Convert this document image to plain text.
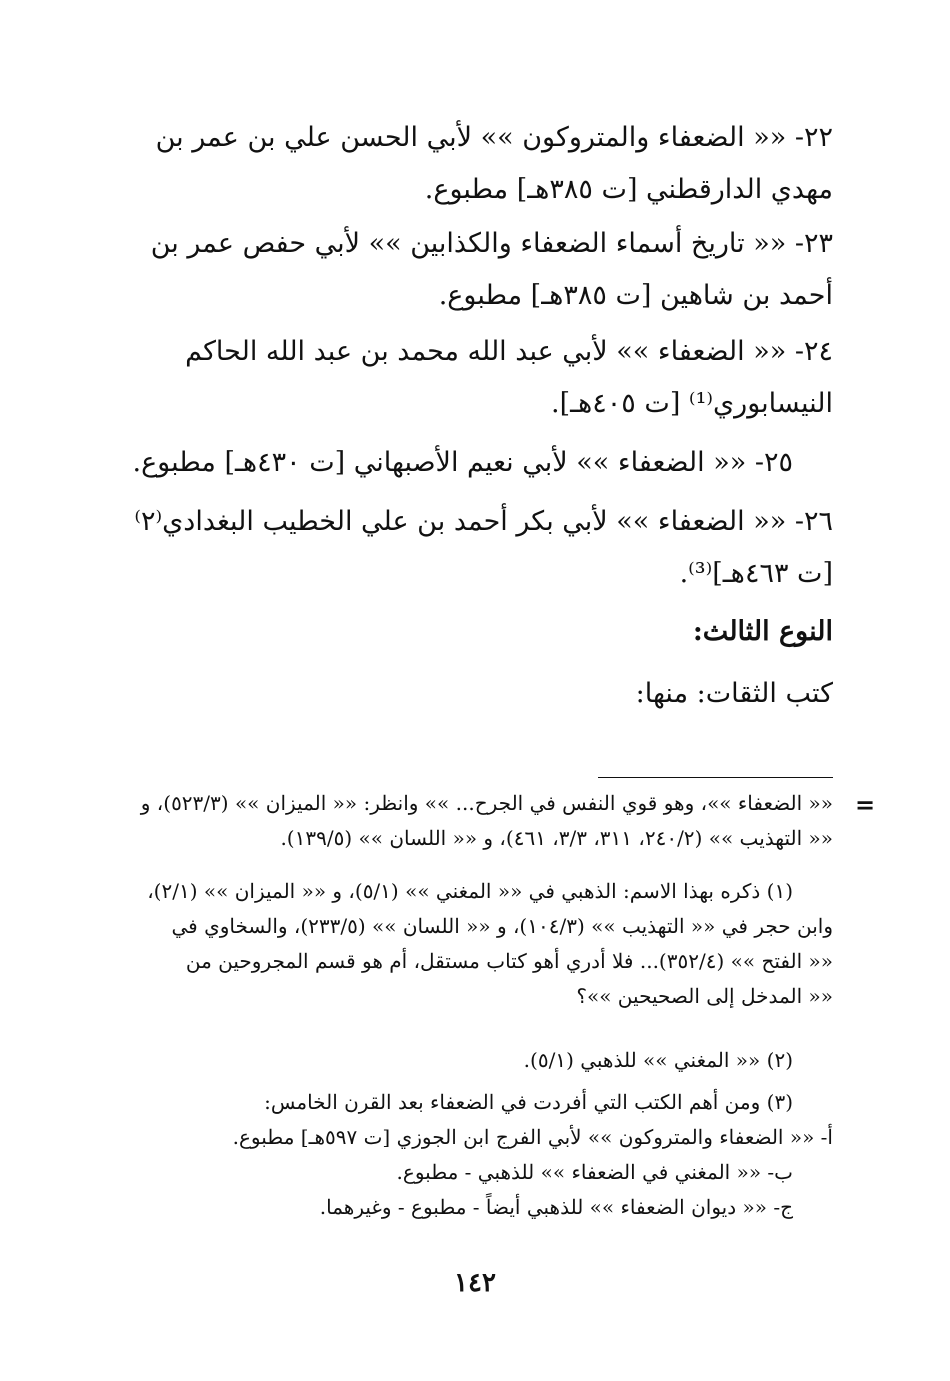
٢٢- «« الضعفاء والمتروكون »» لأبي الحسن علي بن عمر بن
مهدي الدارقطني [ت ٣٨٥هـ] مطبوع.

٢٣- «« تاريخ أسماء الضعفاء والكذابين »» لأبي حفص عمر بن
أحمد بن شاهين [ت ٣٨٥هـ] مطبوع.

٢٤- «« الضعفاء »» لأبي عبد الله محمد بن عبد الله الحاكم
النيسابوري⁽¹⁾ [ت ٤٠٥هـ].

٢٥- «« الضعفاء »» لأبي نعيم الأصبهاني [ت ٤٣٠هـ] مطبوع.

٢٦- «« الضعفاء »» لأبي بكر أحمد بن علي الخطيب البغدادي⁽٢⁾
[ت ٤٦٣هـ]⁽³⁾.

النوع الثالث:
كتب الثقات: منها:
=
«« الضعفاء »»، وهو قوي النفس في الجرح... »» وانظر: «« الميزان »» (٥٢٣/٣)، و
«« التهذيب »» (٢٤٠/٢، ٣١١، ٣/٣، ٤٦١)، و «« اللسان »» (١٣٩/٥).
(١) ذكره بهذا الاسم: الذهبي في «« المغني »» (٥/١)، و «« الميزان »» (٢/١)،
وابن حجر في «« التهذيب »» (١٠٤/٣)، و «« اللسان »» (٢٣٣/٥)، والسخاوي في
«« الفتح »» (٣٥٢/٤)... فلا أدري أهو كتاب مستقل، أم هو قسم المجروحين من
«« المدخل إلى الصحيحين »»؟
(٢) «« المغني »» للذهبي (٥/١).
(٣) ومن أهم الكتب التي أفردت في الضعفاء بعد القرن الخامس:
أ- «« الضعفاء والمتروكون »» لأبي الفرج ابن الجوزي [ت ٥٩٧هـ] مطبوع.
ب- «« المغني في الضعفاء »» للذهبي - مطبوع.
ج- «« ديوان الضعفاء »» للذهبي أيضاً - مطبوع - وغيرهما.
١٤٢
